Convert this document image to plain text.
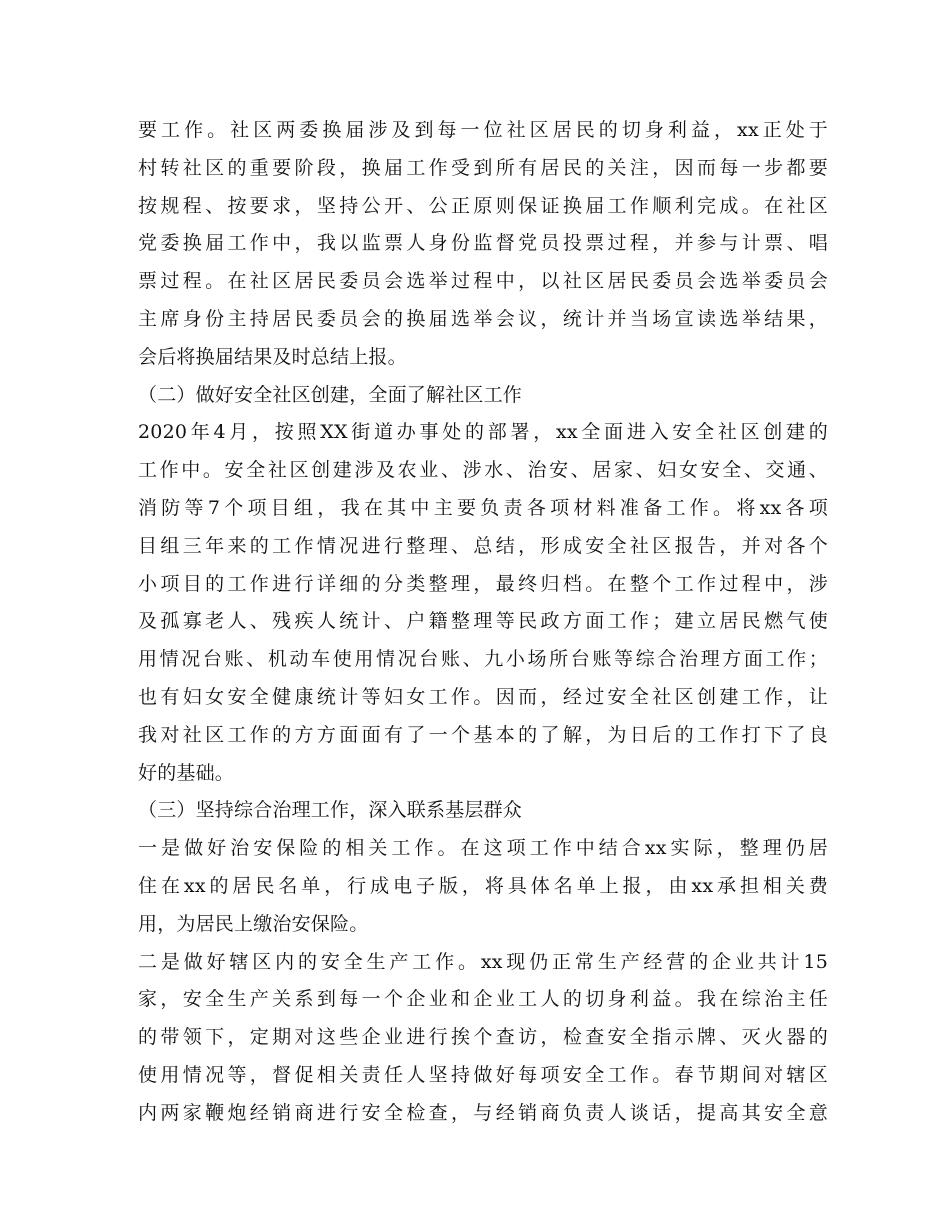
要工作。社区两委换届涉及到每一位社区居民的切身利益，xx正处于
村转社区的重要阶段，换届工作受到所有居民的关注，因而每一步都要
按规程、按要求，坚持公开、公正原则保证换届工作顺利完成。在社区
党委换届工作中，我以监票人身份监督党员投票过程，并参与计票、唱
票过程。在社区居民委员会选举过程中，以社区居民委员会选举委员会
主席身份主持居民委员会的换届选举会议，统计并当场宣读选举结果，
会后将换届结果及时总结上报。
（二）做好安全社区创建，全面了解社区工作
2020年4月，按照XX街道办事处的部署，xx全面进入安全社区创建的
工作中。安全社区创建涉及农业、涉水、治安、居家、妇女安全、交通、
消防等7个项目组，我在其中主要负责各项材料准备工作。将xx各项
目组三年来的工作情况进行整理、总结，形成安全社区报告，并对各个
小项目的工作进行详细的分类整理，最终归档。在整个工作过程中，涉
及孤寡老人、残疾人统计、户籍整理等民政方面工作；建立居民燃气使
用情况台账、机动车使用情况台账、九小场所台账等综合治理方面工作；
也有妇女安全健康统计等妇女工作。因而，经过安全社区创建工作，让
我对社区工作的方方面面有了一个基本的了解，为日后的工作打下了良
好的基础。
（三）坚持综合治理工作，深入联系基层群众
一是做好治安保险的相关工作。在这项工作中结合xx实际，整理仍居
住在xx的居民名单，行成电子版，将具体名单上报，由xx承担相关费
用，为居民上缴治安保险。
二是做好辖区内的安全生产工作。xx现仍正常生产经营的企业共计15
家，安全生产关系到每一个企业和企业工人的切身利益。我在综治主任
的带领下，定期对这些企业进行挨个查访，检查安全指示牌、灭火器的
使用情况等，督促相关责任人坚持做好每项安全工作。春节期间对辖区
内两家鞭炮经销商进行安全检查，与经销商负责人谈话，提高其安全意
